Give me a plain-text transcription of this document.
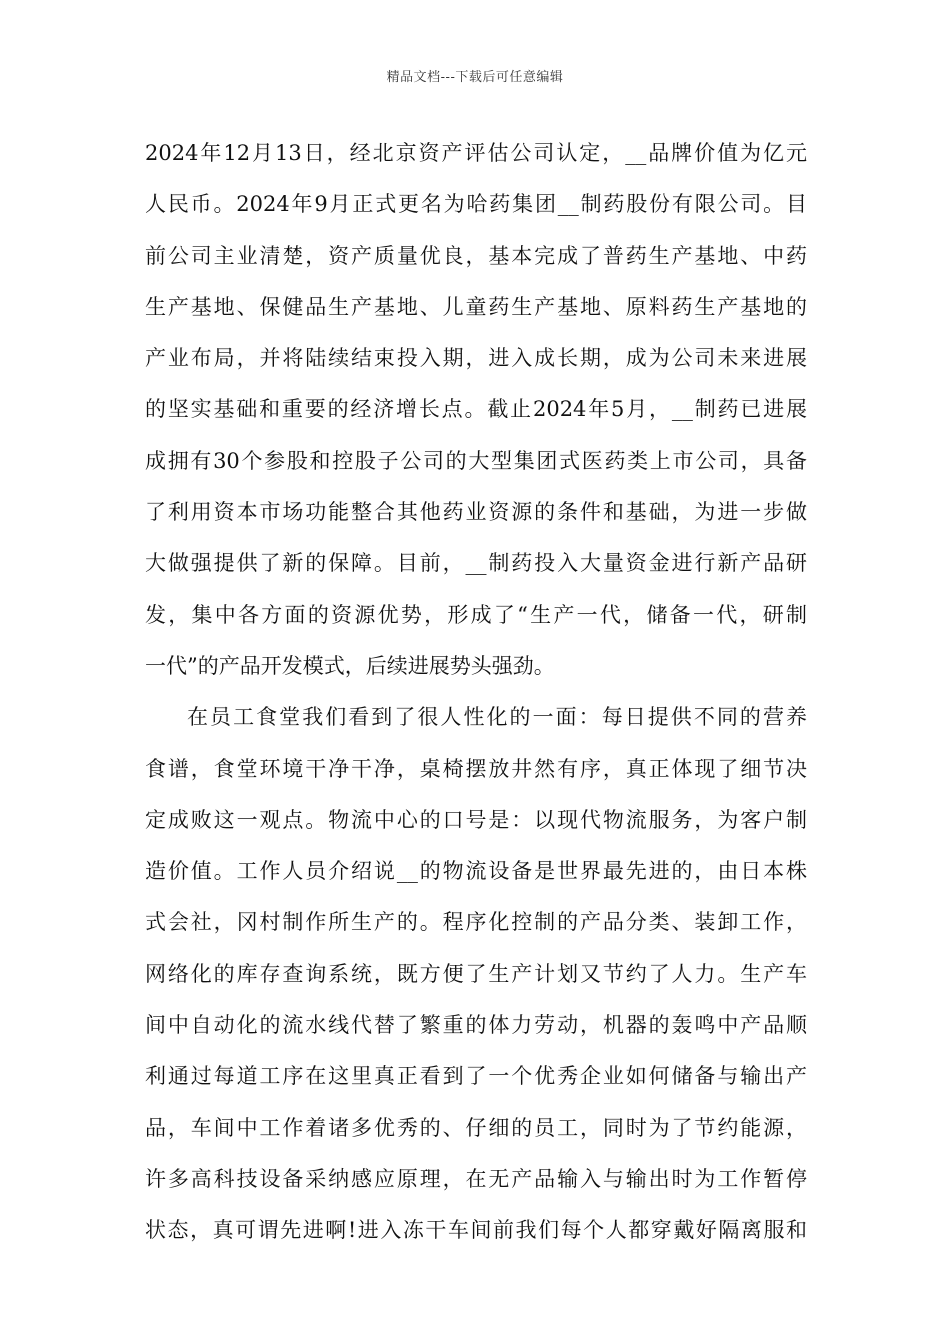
精品文档---下载后可任意编辑
2024年12月13日，经北京资产评估公司认定，__品牌价值为亿元
人民币。2024年9月正式更名为哈药集团__制药股份有限公司。目
前公司主业清楚，资产质量优良，基本完成了普药生产基地、中药
生产基地、保健品生产基地、儿童药生产基地、原料药生产基地的
产业布局，并将陆续结束投入期，进入成长期，成为公司未来进展
的坚实基础和重要的经济增长点。截止2024年5月，__制药已进展
成拥有30个参股和控股子公司的大型集团式医药类上市公司，具备
了利用资本市场功能整合其他药业资源的条件和基础，为进一步做
大做强提供了新的保障。目前，__制药投入大量资金进行新产品研
发，集中各方面的资源优势，形成了“生产一代，储备一代，研制
一代”的产品开发模式，后续进展势头强劲。
在员工食堂我们看到了很人性化的一面：每日提供不同的营养
食谱，食堂环境干净干净，桌椅摆放井然有序，真正体现了细节决
定成败这一观点。物流中心的口号是：以现代物流服务，为客户制
造价值。工作人员介绍说__的物流设备是世界最先进的，由日本株
式会社，冈村制作所生产的。程序化控制的产品分类、装卸工作，
网络化的库存查询系统，既方便了生产计划又节约了人力。生产车
间中自动化的流水线代替了繁重的体力劳动，机器的轰鸣中产品顺
利通过每道工序在这里真正看到了一个优秀企业如何储备与输出产
品，车间中工作着诸多优秀的、仔细的员工，同时为了节约能源，
许多高科技设备采纳感应原理，在无产品输入与输出时为工作暂停
状态，真可谓先进啊!进入冻干车间前我们每个人都穿戴好隔离服和
